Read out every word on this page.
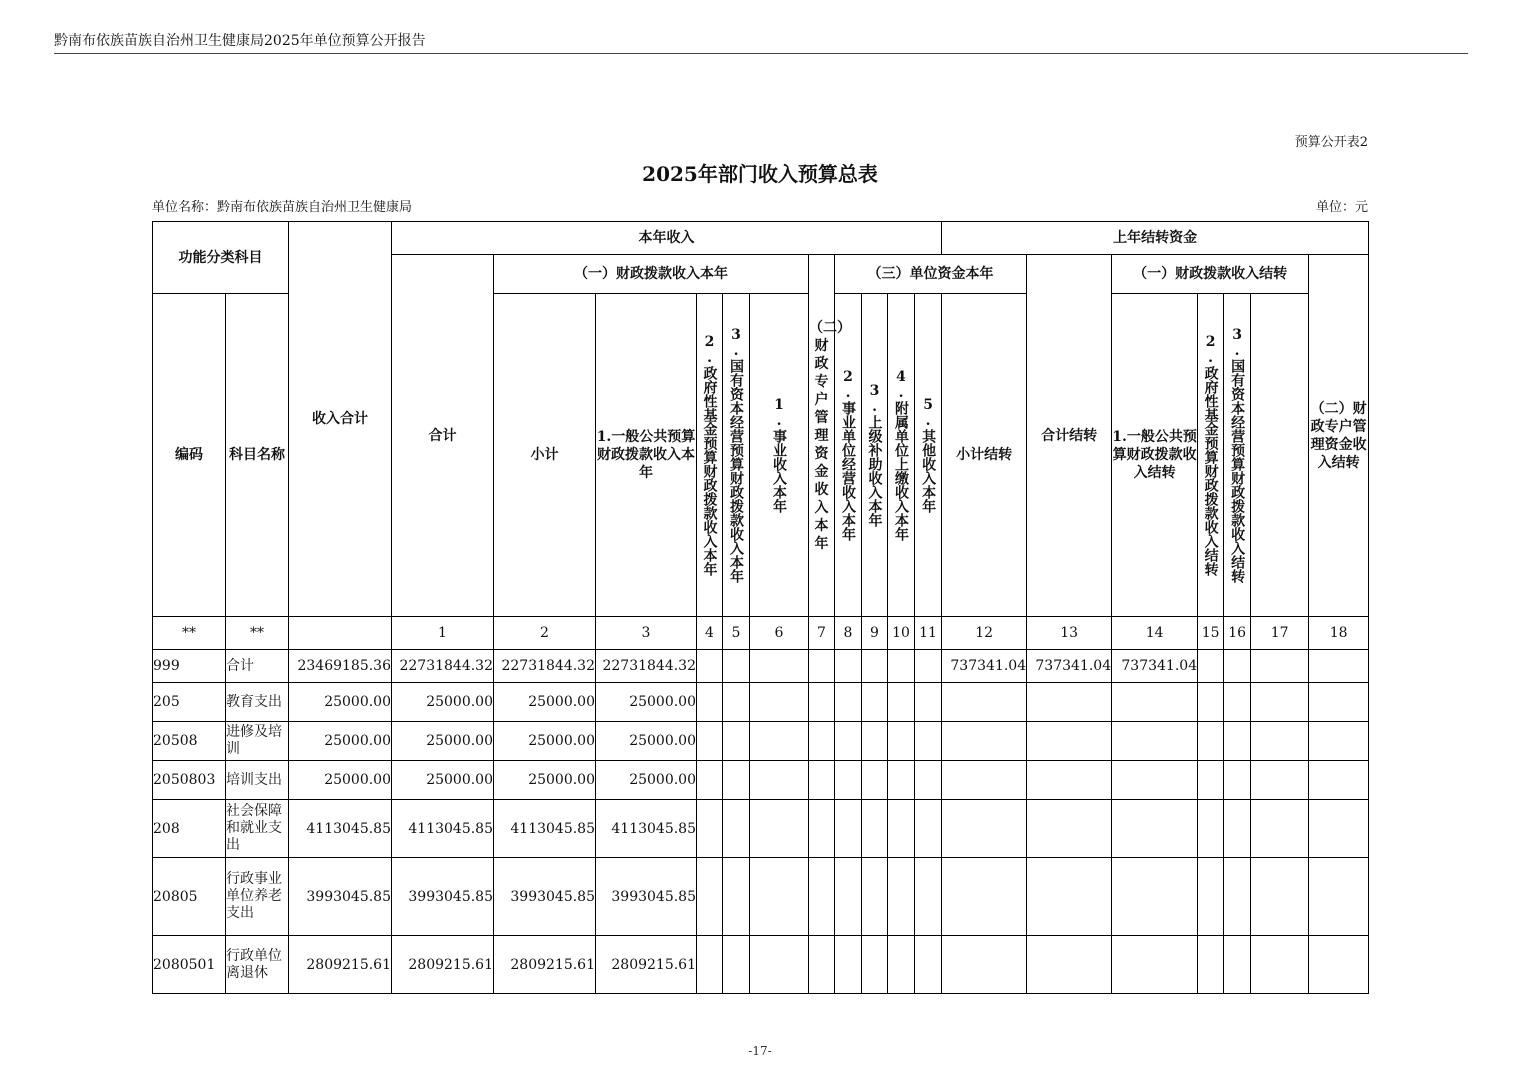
黔南布依族苗族自治州卫生健康局2025年单位预算公开报告
预算公开表2
2025年部门收入预算总表
单位名称：黔南布依族苗族自治州卫生健康局	单位：元
功能分类科目		收入合计	本年收入											上年结转资金							
			合计	（一）财政拨款收入本年					（二）财政专户管理资金收入本年	（三）单位资金本年					合计结转	（一）财政拨款收入结转				（二）财政专户管理资金收入结转	
编码	科目名称			小计	1.一般公共预算财政拨款收入本年	2.政府性基金预算财政拨款收入本年	3.国有资本经营预算财政拨款收入本年	1.事业收入本年		2.事业单位经营收入本年	3.上级补助收入本年	4.附属单位上缴收入本年	5.其他收入本年	小计结转		1.一般公共预算财政拨款收入结转	2.政府性基金预算财政拨款收入结转	3.国有资本经营预算财政拨款收入结转			
**	**		1	2	3	4	5	6	7	8	9	10	11	12	13	14	15	16	17	18	
999	合计	23469185.36	22731844.32	22731844.32	22731844.32									737341.04	737341.04	737341.04					
205	教育支出	25000.00	25000.00	25000.00	25000.00																
20508	进修及培训	25000.00	25000.00	25000.00	25000.00																
2050803	培训支出	25000.00	25000.00	25000.00	25000.00																
208	社会保障和就业支出	4113045.85	4113045.85	4113045.85	4113045.85																
20805	行政事业单位养老支出	3993045.85	3993045.85	3993045.85	3993045.85																
2080501	行政单位离退休	2809215.61	2809215.61	2809215.61	2809215.61																
-17-
